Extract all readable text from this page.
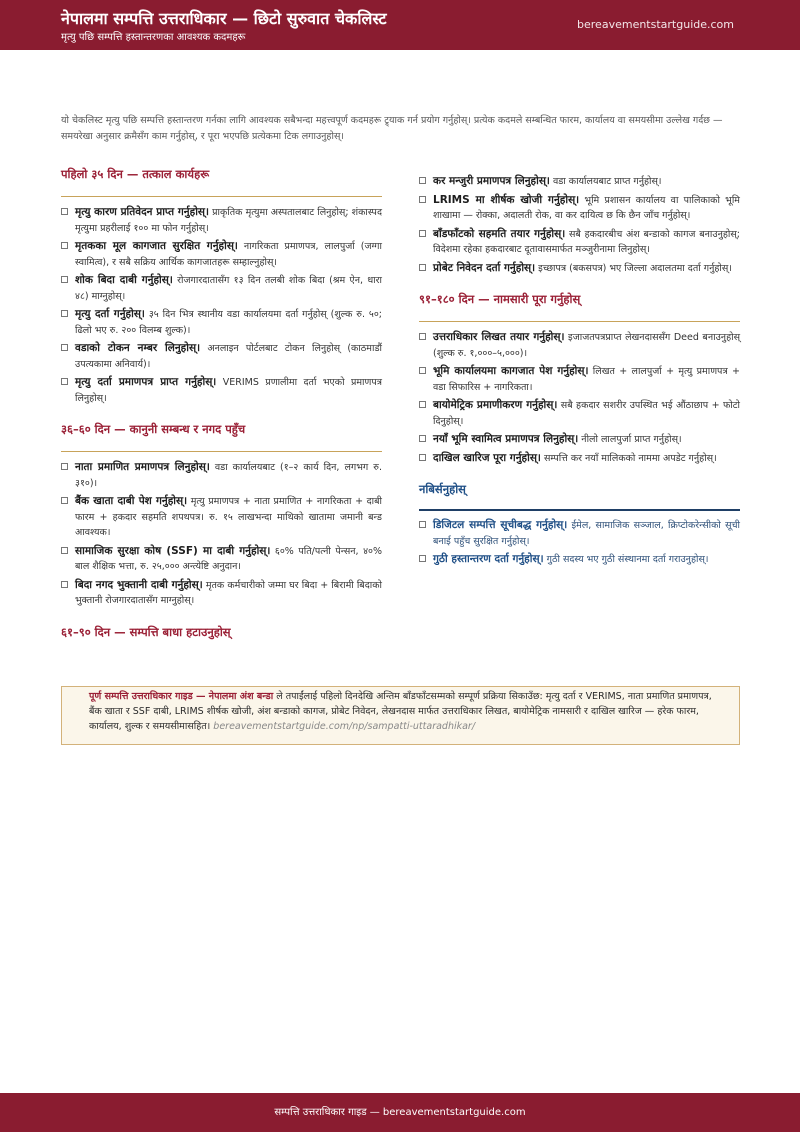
नेपालमा सम्पत्ति उत्तराधिकार — छिटो सुरुवात चेकलिस्ट
मृत्यु पछि सम्पत्ति हस्तान्तरणका आवश्यक कदमहरू
bereavementstartguide.com
यो चेकलिस्ट मृत्यु पछि सम्पत्ति हस्तान्तरण गर्नका लागि आवश्यक सबैभन्दा महत्त्वपूर्ण कदमहरू ट्र्याक गर्न प्रयोग गर्नुहोस्। प्रत्येक कदमले सम्बन्धित फारम, कार्यालय वा समयसीमा उल्लेख गर्दछ — समयरेखा अनुसार क्रमैसँग काम गर्नुहोस्, र पूरा भएपछि प्रत्येकमा टिक लगाउनुहोस्।
पहिलो ३५ दिन — तत्काल कार्यहरू
मृत्यु कारण प्रतिवेदन प्राप्त गर्नुहोस्। प्राकृतिक मृत्युमा अस्पतालबाट लिनुहोस्; शंकास्पद मृत्युमा प्रहरीलाई १०० मा फोन गर्नुहोस्।
मृतकका मूल कागजात सुरक्षित गर्नुहोस्। नागरिकता प्रमाणपत्र, लालपुर्जा (जग्गा स्वामित्व), र सबै सक्रिय आर्थिक कागजातहरू सम्हाल्नुहोस्।
शोक बिदा दाबी गर्नुहोस्। रोजगारदातासँग १३ दिन तलबी शोक बिदा (श्रम ऐन, धारा ४८) माग्नुहोस्।
मृत्यु दर्ता गर्नुहोस्। ३५ दिन भित्र स्थानीय वडा कार्यालयमा दर्ता गर्नुहोस् (शुल्क रु. ५०; ढिलो भए रु. २०० विलम्ब शुल्क)।
वडाको टोकन नम्बर लिनुहोस्। अनलाइन पोर्टलबाट टोकन लिनुहोस् (काठमाडौं उपत्यकामा अनिवार्य)।
मृत्यु दर्ता प्रमाणपत्र प्राप्त गर्नुहोस्। VERIMS प्रणालीमा दर्ता भएको प्रमाणपत्र लिनुहोस्।
३६–६० दिन — कानुनी सम्बन्ध र नगद पहुँच
नाता प्रमाणित प्रमाणपत्र लिनुहोस्। वडा कार्यालयबाट (१–२ कार्य दिन, लगभग रु. ३१०)।
बैंक खाता दाबी पेश गर्नुहोस्। मृत्यु प्रमाणपत्र + नाता प्रमाणित + नागरिकता + दाबी फारम + हकदार सहमति शपथपत्र। रु. १५ लाखभन्दा माथिको खातामा जमानी बन्ड आवश्यक।
सामाजिक सुरक्षा कोष (SSF) मा दाबी गर्नुहोस्। ६०% पति/पत्नी पेन्सन, ४०% बाल शैक्षिक भत्ता, रु. २५,००० अन्त्येष्टि अनुदान।
बिदा नगद भुक्तानी दाबी गर्नुहोस्। मृतक कर्मचारीको जम्मा घर बिदा + बिरामी बिदाको भुक्तानी रोजगारदातासँग माग्नुहोस्।
६१–९० दिन — सम्पत्ति बाधा हटाउनुहोस्
कर मन्जुरी प्रमाणपत्र लिनुहोस्। वडा कार्यालयबाट प्राप्त गर्नुहोस्।
LRIMS मा शीर्षक खोजी गर्नुहोस्। भूमि प्रशासन कार्यालय वा पालिकाको भूमि शाखामा — रोक्का, अदालती रोक, वा कर दायित्व छ कि छैन जाँच गर्नुहोस्।
बाँडफाँटको सहमति तयार गर्नुहोस्। सबै हकदारबीच अंश बन्डाको कागज बनाउनुहोस्; विदेशमा रहेका हकदारबाट दूतावासमार्फत मञ्जुरीनामा लिनुहोस्।
प्रोबेट निवेदन दर्ता गर्नुहोस्। इच्छापत्र (बकसपत्र) भए जिल्ला अदालतमा दर्ता गर्नुहोस्।
९१–१८० दिन — नामसारी पूरा गर्नुहोस्
उत्तराधिकार लिखत तयार गर्नुहोस्। इजाजतपत्रप्राप्त लेखनदाससँग Deed बनाउनुहोस् (शुल्क रु. १,०००–५,०००)।
भूमि कार्यालयमा कागजात पेश गर्नुहोस्। लिखत + लालपुर्जा + मृत्यु प्रमाणपत्र + वडा सिफारिस + नागरिकता।
बायोमेट्रिक प्रमाणीकरण गर्नुहोस्। सबै हकदार सशरीर उपस्थित भई औंठाछाप + फोटो दिनुहोस्।
नयाँ भूमि स्वामित्व प्रमाणपत्र लिनुहोस्। नीलो लालपुर्जा प्राप्त गर्नुहोस्।
दाखिल खारिज पूरा गर्नुहोस्। सम्पत्ति कर नयाँ मालिकको नाममा अपडेट गर्नुहोस्।
नबिर्सनुहोस्
डिजिटल सम्पत्ति सूचीबद्ध गर्नुहोस्। ईमेल, सामाजिक सञ्जाल, क्रिप्टोकरेन्सीको सूची बनाई पहुँच सुरक्षित गर्नुहोस्।
गुठी हस्तान्तरण दर्ता गर्नुहोस्। गुठी सदस्य भए गुठी संस्थानमा दर्ता गराउनुहोस्।
पूर्ण सम्पत्ति उत्तराधिकार गाइड — नेपालमा अंश बन्डा ले तपाईंलाई पहिलो दिनदेखि अन्तिम बाँडफाँटसम्मको सम्पूर्ण प्रक्रिया सिकाउँछ: मृत्यु दर्ता र VERIMS, नाता प्रमाणित प्रमाणपत्र, बैंक खाता र SSF दाबी, LRIMS शीर्षक खोजी, अंश बन्डाको कागज, प्रोबेट निवेदन, लेखनदास मार्फत उत्तराधिकार लिखत, बायोमेट्रिक नामसारी र दाखिल खारिज — हरेक फारम, कार्यालय, शुल्क र समयसीमासहित। bereavementstartguide.com/np/sampatti-uttaradhikar/
सम्पत्ति उत्तराधिकार गाइड — bereavementstartguide.com
